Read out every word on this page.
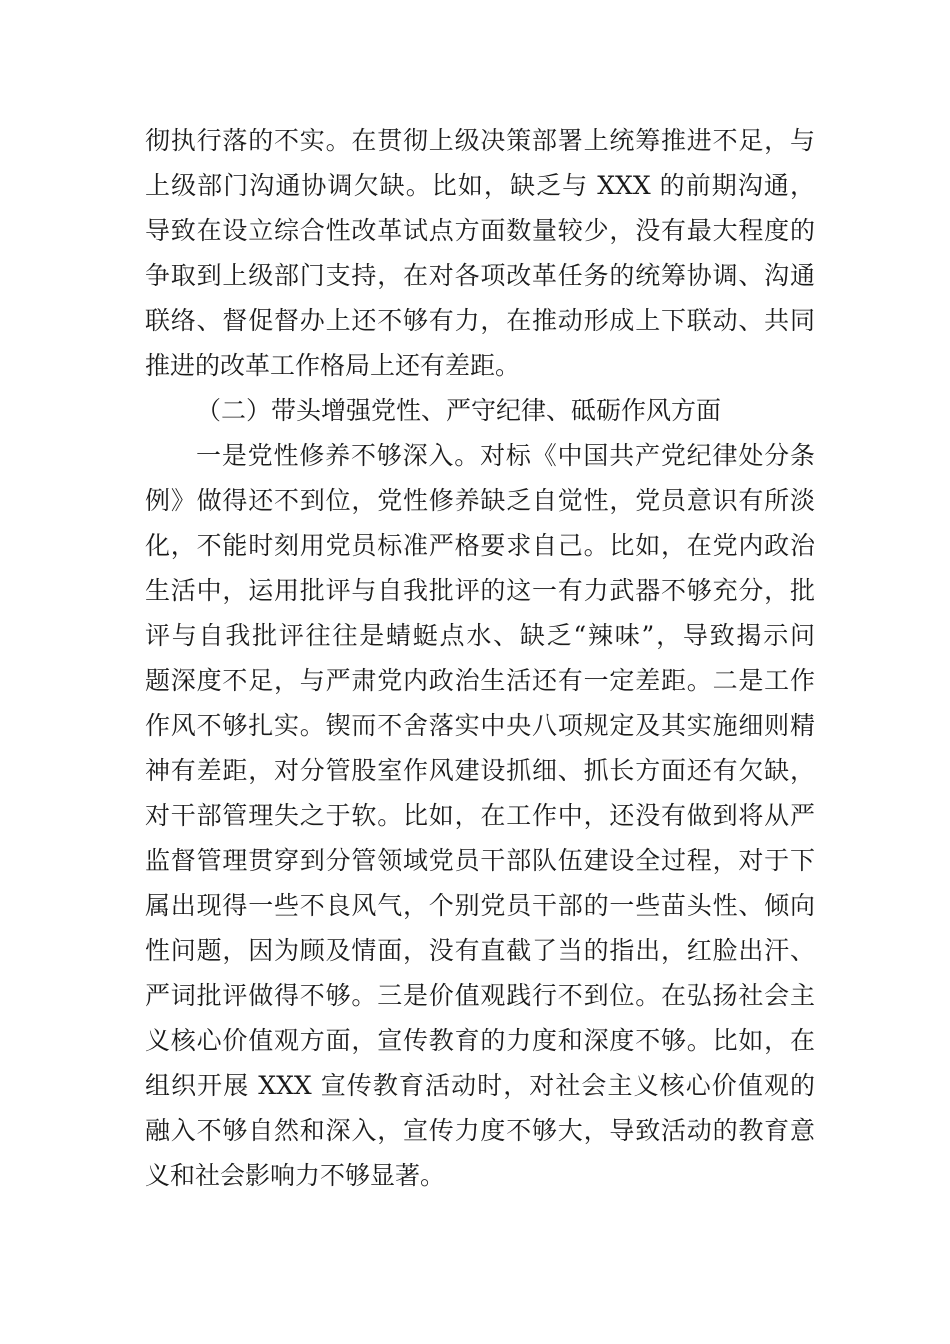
彻执行落的不实。在贯彻上级决策部署上统筹推进不足，与
上级部门沟通协调欠缺。比如，缺乏与 XXX 的前期沟通，
导致在设立综合性改革试点方面数量较少，没有最大程度的
争取到上级部门支持，在对各项改革任务的统筹协调、沟通
联络、督促督办上还不够有力，在推动形成上下联动、共同
推进的改革工作格局上还有差距。
（二）带头增强党性、严守纪律、砥砺作风方面
一是党性修养不够深入。对标《中国共产党纪律处分条
例》做得还不到位，党性修养缺乏自觉性，党员意识有所淡
化，不能时刻用党员标准严格要求自己。比如，在党内政治
生活中，运用批评与自我批评的这一有力武器不够充分，批
评与自我批评往往是蜻蜓点水、缺乏“辣味”，导致揭示问
题深度不足，与严肃党内政治生活还有一定差距。二是工作
作风不够扎实。锲而不舍落实中央八项规定及其实施细则精
神有差距，对分管股室作风建设抓细、抓长方面还有欠缺，
对干部管理失之于软。比如，在工作中，还没有做到将从严
监督管理贯穿到分管领域党员干部队伍建设全过程，对于下
属出现得一些不良风气，个别党员干部的一些苗头性、倾向
性问题，因为顾及情面，没有直截了当的指出，红脸出汗、
严词批评做得不够。三是价值观践行不到位。在弘扬社会主
义核心价值观方面，宣传教育的力度和深度不够。比如，在
组织开展 XXX 宣传教育活动时，对社会主义核心价值观的
融入不够自然和深入，宣传力度不够大，导致活动的教育意
义和社会影响力不够显著。
